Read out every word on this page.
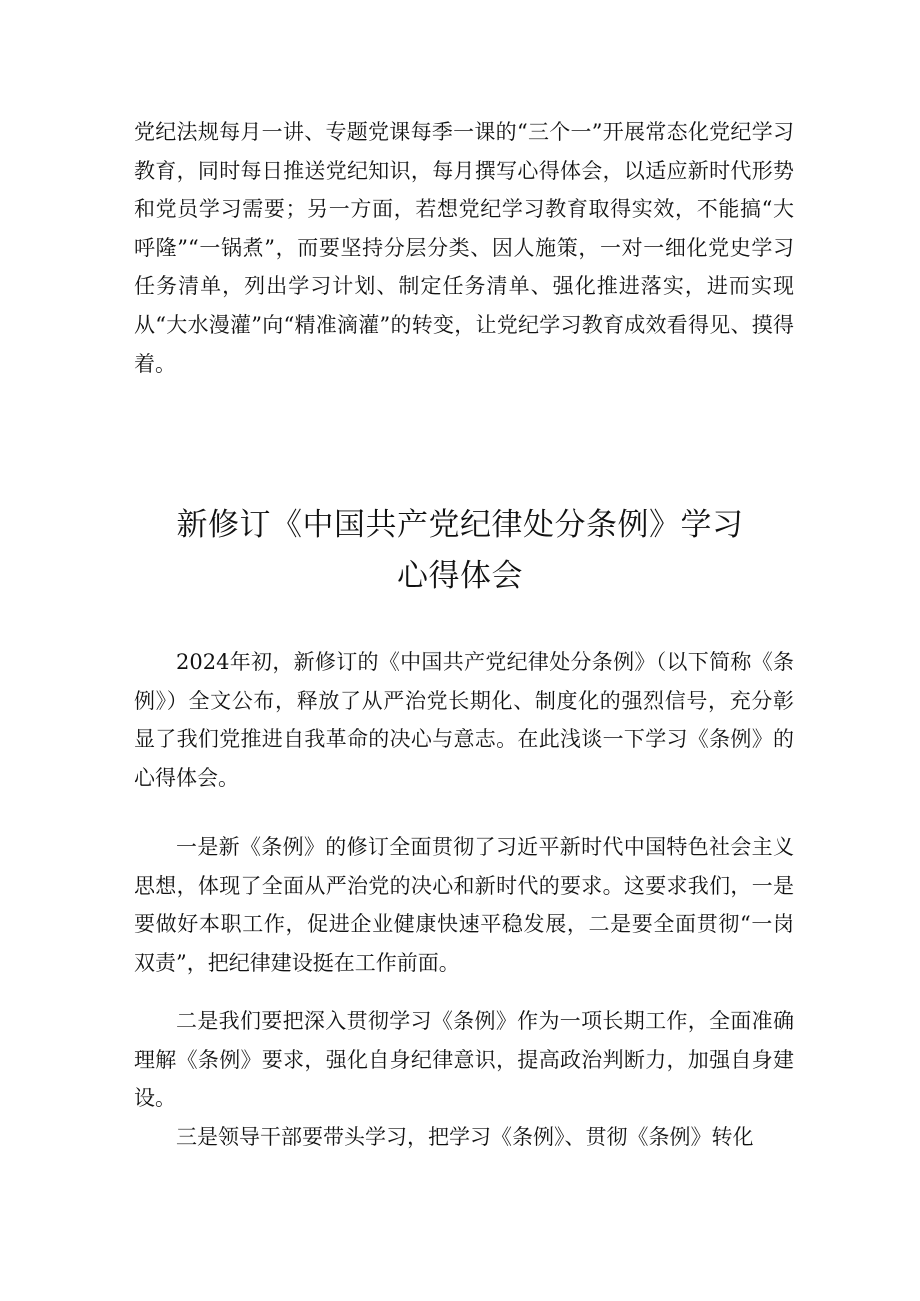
党纪法规每月一讲、专题党课每季一课的“三个一”开展常态化党纪学习教育，同时每日推送党纪知识，每月撰写心得体会，以适应新时代形势和党员学习需要；另一方面，若想党纪学习教育取得实效，不能搞“大呼隆”“一锅煮”，而要坚持分层分类、因人施策，一对一细化党史学习任务清单，列出学习计划、制定任务清单、强化推进落实，进而实现从“大水漫灌”向“精准滴灌”的转变，让党纪学习教育成效看得见、摸得着。

新修订《中国共产党纪律处分条例》学习
心得体会

2024年初，新修订的《中国共产党纪律处分条例》（以下简称《条例》）全文公布，释放了从严治党长期化、制度化的强烈信号，充分彰显了我们党推进自我革命的决心与意志。在此浅谈一下学习《条例》的心得体会。

一是新《条例》的修订全面贯彻了习近平新时代中国特色社会主义思想，体现了全面从严治党的决心和新时代的要求。这要求我们，一是要做好本职工作，促进企业健康快速平稳发展，二是要全面贯彻“一岗双责”，把纪律建设挺在工作前面。

二是我们要把深入贯彻学习《条例》作为一项长期工作，全面准确理解《条例》要求，强化自身纪律意识，提高政治判断力，加强自身建设。

三是领导干部要带头学习，把学习《条例》、贯彻《条例》转化
